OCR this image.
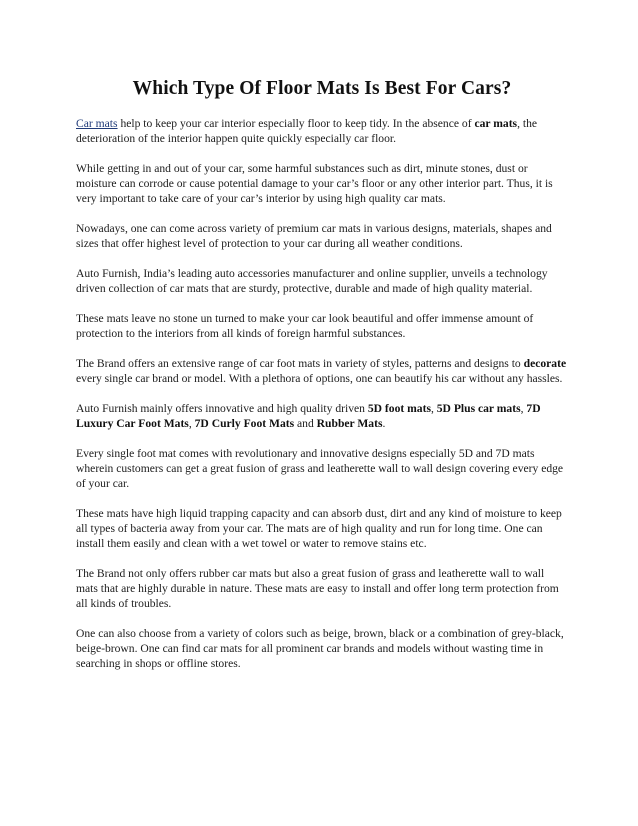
Which Type Of Floor Mats Is Best For Cars?

Car mats help to keep your car interior especially floor to keep tidy. In the absence of car mats, the deterioration of the interior happen quite quickly especially car floor.

While getting in and out of your car, some harmful substances such as dirt, minute stones, dust or moisture can corrode or cause potential damage to your car’s floor or any other interior part. Thus, it is very important to take care of your car’s interior by using high quality car mats.

Nowadays, one can come across variety of premium car mats in various designs, materials, shapes and sizes that offer highest level of protection to your car during all weather conditions.

Auto Furnish, India’s leading auto accessories manufacturer and online supplier, unveils a technology driven collection of car mats that are sturdy, protective, durable and made of high quality material.

These mats leave no stone un turned to make your car look beautiful and offer immense amount of protection to the interiors from all kinds of foreign harmful substances.

The Brand offers an extensive range of car foot mats in variety of styles, patterns and designs to decorate every single car brand or model. With a plethora of options, one can beautify his car without any hassles.

Auto Furnish mainly offers innovative and high quality driven 5D foot mats, 5D Plus car mats, 7D Luxury Car Foot Mats, 7D Curly Foot Mats and Rubber Mats.

Every single foot mat comes with revolutionary and innovative designs especially 5D and 7D mats wherein customers can get a great fusion of grass and leatherette wall to wall design covering every edge of your car.

These mats have high liquid trapping capacity and can absorb dust, dirt and any kind of moisture to keep all types of bacteria away from your car. The mats are of high quality and run for long time. One can install them easily and clean with a wet towel or water to remove stains etc.

The Brand not only offers rubber car mats but also a great fusion of grass and leatherette wall to wall mats that are highly durable in nature. These mats are easy to install and offer long term protection from all kinds of troubles.

One can also choose from a variety of colors such as beige, brown, black or a combination of grey-black, beige-brown. One can find car mats for all prominent car brands and models without wasting time in searching in shops or offline stores.
